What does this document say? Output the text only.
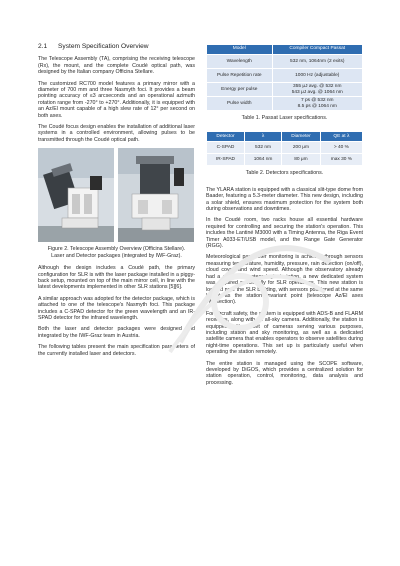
2.1 System Specification Overview

The Telescope Assembly (TA), comprising the receiving telescope (Rx), the mount, and the complete Coudé optical path, was designed by the Italian company Officina Stellare.

The customized RC700 model features a primary mirror with a diameter of 700 mm and three Nasmyth foci. It provides a beam pointing accuracy of ≤3 arcseconds and an operational azimuth rotation range from -270° to +270°. Additionally, it is equipped with an Az/El mount capable of a high slew rate of 12° per second on both axes.

The Coudé focus design enables the installation of additional laser systems in a controlled environment, allowing pulses to be transmitted through the Coudé optical path.

Figure 2. Telescope Assembly Overview (Officina Stellare). Laser and Detector packages (integrated by IWF-Graz).

Although the design includes a Coudé path, the primary configuration for SLR is with the laser package installed in a piggy-back setup, mounted on top of the main mirror cell, in line with the latest developments implemented in other SLR stations [5][6].

A similar approach was adopted for the detector package, which is attached to one of the telescope's Nasmyth foci. This package includes a C-SPAD detector for the green wavelength and an IR-SPAD detector for the infrared wavelength.

Both the laser and detector packages were designed and integrated by the IWF-Graz team in Austria.

The following tables present the main specification parameters of the currently installed laser and detectors.

Model	Compiler Compact Passat
Wavelength	532 nm, 1064nm (2 exits)
Pulse Repetition rate	1000 Hz (adjustable)
Energy per pulse	355 μJ avg. @ 532 nm
543 μJ avg. @ 1064 nm

Pulse width	7 ps @ 532 nm
8.5 ps @ 1064 nm
Table 1. Passat Laser specifications.
Detector	λ	Diameter	QE at λ
C-SPAD	532 nm	200 μm	> 40 %
IR-SPAD	1064 nm	80 μm	max 30 %
Table 2. Detectors specifications.

The YLARA station is equipped with a classical slit-type dome from Baader, featuring a 5.3-meter diameter. This new design, including a solar shield, ensures maximum protection for the system both during observations and downtimes.

In the Coudé room, two racks house all essential hardware required for controlling and securing the station's operation. This includes the Lantiné M3000 with a Timing Antenna, the Riga Event Timer A033-ET/USB model, and the Range Gate Generator (RGG).

Meteorological parameter monitoring is achieved through sensors measuring temperature, humidity, pressure, rain detection (on/off), cloud cover, and wind speed. Although the observatory already had a complete meteorological station, a new dedicated system was acquired specifically for SLR operations. This new station is located near the SLR building, with sensors positioned at the same height as the station invariant point (telescope Az/El axes intersection).

For aircraft safety, the system is equipped with ADS-B and FLARM receivers, along with an all-sky camera. Additionally, the station is equipped with a set of cameras serving various purposes, including station and sky monitoring, as well as a dedicated satellite camera that enables operators to observe satellites during night-time operations. This set up is particularly useful when operating the station remotely.

The entire station is managed using the SCOPE software, developed by DiGOS, which provides a centralized solution for station operation, control, monitoring, data analysis and processing.
